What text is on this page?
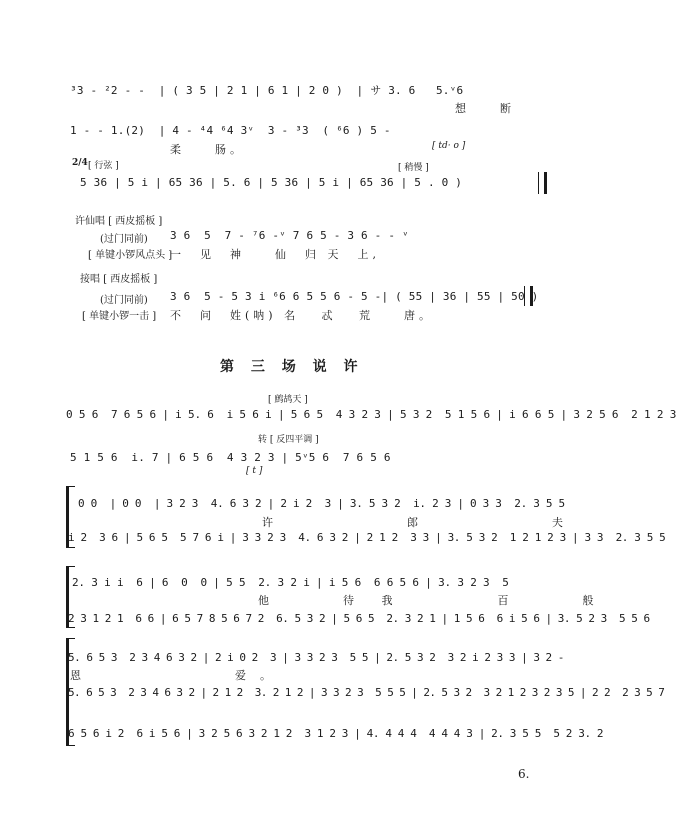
³3 - ²2 - -  | ( 3 5 | 2 1 | 6 1 | 2 0 )  | サ 3. 6   5.ᵛ6
想    断
1 - - 1.(2)  | 4 - ⁴4 ⁶4 3ᵛ  3 - ³3  ( ⁶6 ) 5 -
柔    肠。	[ td· o ]
2/4 [ 行弦 ]	[ 稍慢 ]
5 36 | 5 i | 65 36 | 5. 6 | 5 36 | 5 i | 65 36 | 5 . 0 )
许仙唱 [ 西皮摇板 ]
(过门同前) 3 6  5  7 - ⁷6 -ᵛ 7 6 5 - 3 6 - - ᵛ
[ 单键小锣风点头 ]
一  见  神    仙  归 天  上,
接唱 [ 西皮摇板 ]
(过门同前) 3 6  5 - 5 3 i ⁶6 6 5 5 6 - 5 -| ( 55 | 36 | 55 | 50 )
[ 单键小锣一击 ] 不  问  姓(呐) 名   忒   荒    唐。
第 三 场 说 许
[ 鹧鸪天 ]
0 5 6  7 6 5 6 | i 5. 6  i 5 6 i | 5 6 5  4 3 2 3 | 5 3 2  5 1 5 6 | i 6 6 5 | 3 2 5 6  2 1 2 3
转 [ 反四平调 ]
5 1 5 6  i. 7 | 6 5 6  4 3 2 3 | 5ᵛ5 6  7 6 5 6
[ t ]
0 0  | 0 0  | 3 2 3  4. 6 3 2 | 2 i 2  3 | 3. 5 3 2  i. 2 3 | 0 3 3  2. 3 5 5
许    郎    夫
i 2  3 6 | 5 6 5  5 7 6 i | 3 3 2 3  4. 6 3 2 | 2 1 2  3 3 | 3. 5 3 2  1 2 1 2 3 | 3 3  2. 3 5 5
2. 3 i i  6 | 6  0  0 | 5 5  2. 3 2 i | i 5 6  6 6 5 6 | 3. 3 2 3  5
他    待 我      百    般
2 3 1 2 1  6 6 | 6 5 7 8 5 6 7 2  6. 5 3 2 | 5 6 5  2. 3 2 1 | 1 5 6  6 i 5 6 | 3. 5 2 3  5 5 6
5. 6 5 3  2 3 4 6 3 2 | 2 i 0 2  3 | 3 3 2 3  5 5 | 2. 5 3 2  3 2 i 2 3 3 | 3 2 -
恩        爱。
5. 6 5 3  2 3 4 6 3 2 | 2 1 2  3. 2 1 2 | 3 3 2 3  5 5 5 | 2. 5 3 2  3 2 1 2 3 2 3 5 | 2 2  2 3 5 7
6 5 6 i 2  6 i 5 6 | 3 2 5 6 3 2 1 2  3 1 2 3 | 4. 4 4 4  4 4 4 3 | 2. 3 5 5  5 2 3. 2
6.
